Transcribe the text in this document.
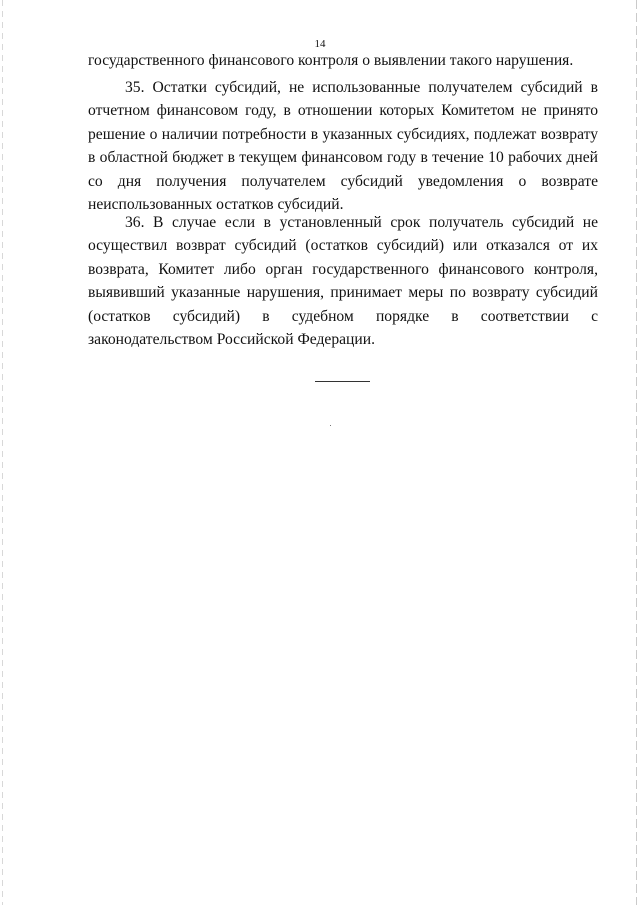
14
государственного финансового контроля о выявлении такого нарушения.
35. Остатки субсидий, не использованные получателем субсидий в отчетном финансовом году, в отношении которых Комитетом не принято решение о наличии потребности в указанных субсидиях, подлежат возврату в областной бюджет в текущем финансовом году в течение 10 рабочих дней со дня получения получателем субсидий уведомления о возврате неиспользованных остатков субсидий.
36. В случае если в установленный срок получатель субсидий не осуществил возврат субсидий (остатков субсидий) или отказался от их возврата, Комитет либо орган государственного финансового контроля, выявивший указанные нарушения, принимает меры по возврату субсидий (остатков субсидий) в судебном порядке в соответствии с законодательством Российской Федерации.
